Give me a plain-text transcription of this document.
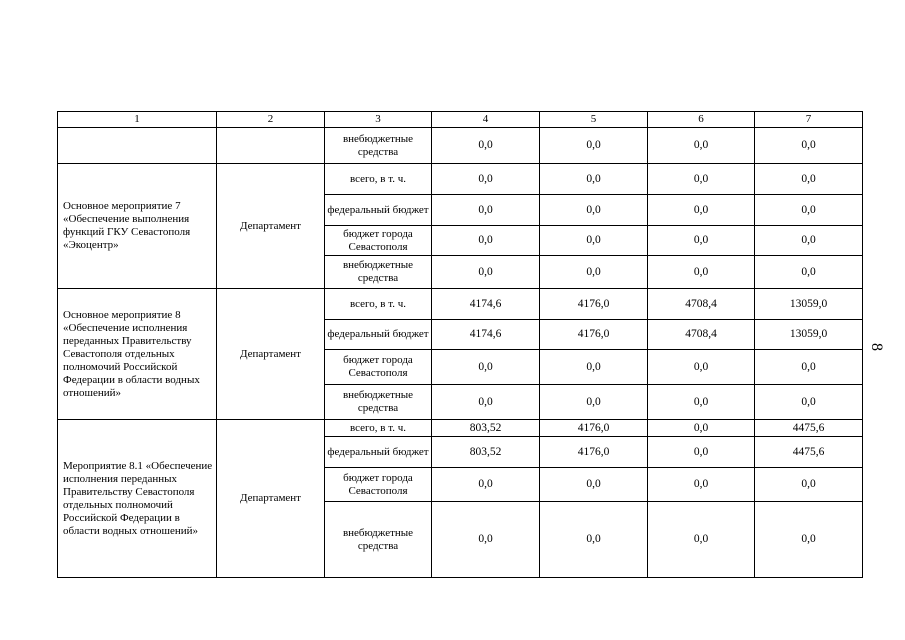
1	2	3	4	5	6	7
		внебюджетные средства	0,0	0,0	0,0	0,0
Основное мероприятие 7 «Обеспечение выполнения функций ГКУ Севастополя «Экоцентр»	Департамент	всего, в т. ч.	0,0	0,0	0,0	0,0
		федеральный бюджет	0,0	0,0	0,0	0,0
		бюджет города Севастополя	0,0	0,0	0,0	0,0
		внебюджетные средства	0,0	0,0	0,0	0,0
Основное мероприятие 8 «Обеспечение исполнения переданных Правительству Севастополя отдельных полномочий Российской Федерации в области водных отношений»	Департамент	всего, в т. ч.	4174,6	4176,0	4708,4	13059,0
		федеральный бюджет	4174,6	4176,0	4708,4	13059,0
		бюджет города Севастополя	0,0	0,0	0,0	0,0
		внебюджетные средства	0,0	0,0	0,0	0,0
Мероприятие 8.1 «Обеспечение исполнения переданных Правительству Севастополя отдельных полномочий Российской Федерации в области водных отношений»	Департамент	всего, в т. ч.	803,52	4176,0	0,0	4475,6
		федеральный бюджет	803,52	4176,0	0,0	4475,6
		бюджет города Севастополя	0,0	0,0	0,0	0,0
		внебюджетные средства	0,0	0,0	0,0	0,0
8
